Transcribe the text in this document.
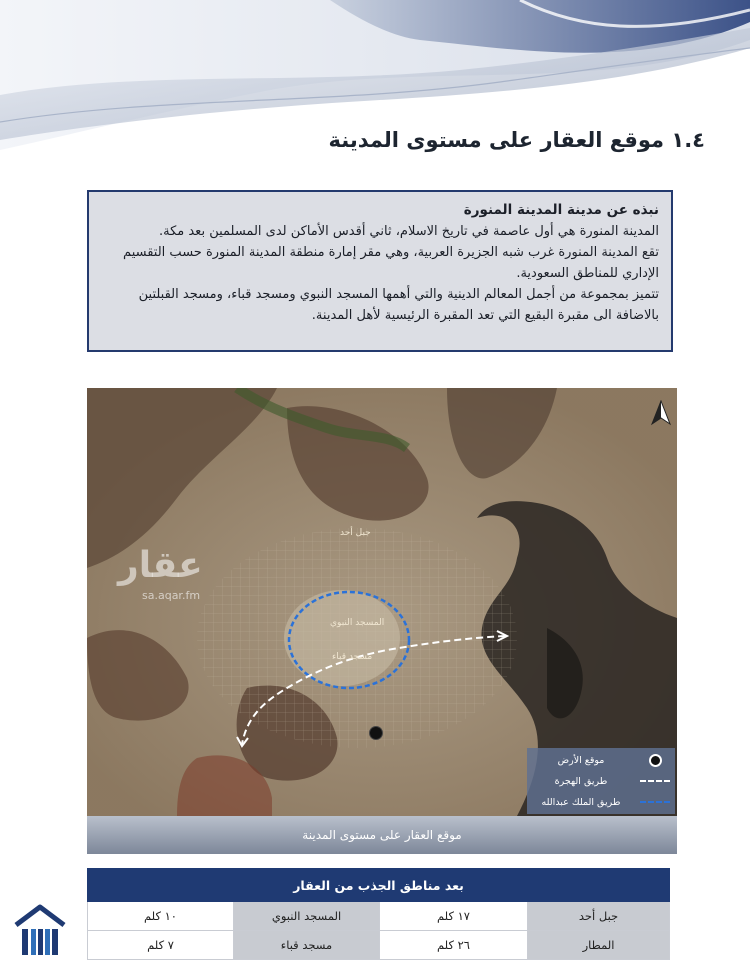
١.٤ موقع العقار على مستوى المدينة

نبذه عن مدينة المدينة المنورة

المدينة المنورة هي أول عاصمة في تاريخ الاسلام، ثاني أقدس الأماكن لدى المسلمين بعد مكة.

تقع المدينة المنورة غرب شبه الجزيرة العربية، وهي مقر إمارة منطقة المدينة المنورة حسب التقسيم الإداري للمناطق السعودية.

تتميز بمجموعة من أجمل المعالم الدينية والتي أهمها المسجد النبوي ومسجد قباء، ومسجد القبلتين بالاضافة الى مقبرة البقيع التي تعد المقبرة الرئيسية لأهل المدينة.

جبل أحد
المسجد النبوي
مسجد قباء
عقار
sa.aqar.fm
موقع الأرض
طريق الهجرة
طريق الملك عبدالله
موقع العقار على مستوى المدينة
بعد مناطق الجذب من العقار			
جبل أحد	١٧ كلم	المسجد النبوي	١٠ كلم
المطار	٢٦ كلم	مسجد قباء	٧ كلم
